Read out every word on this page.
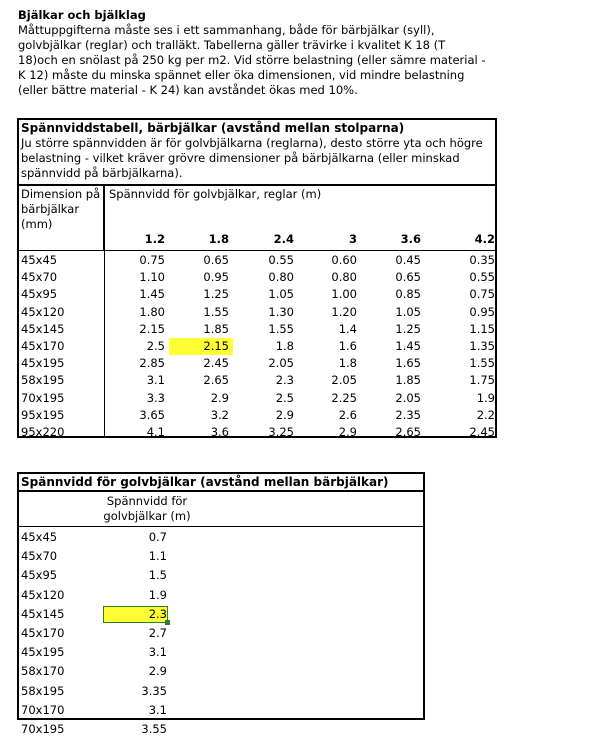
Bjälkar och bjälklag

Måttuppgifterna måste ses i ett sammanhang, både för bärbjälkar (syll),

golvbjälkar (reglar) och tralläkt. Tabellerna gäller trävirke i kvalitet K 18 (T

18)och en snölast på 250 kg per m2. Vid större belastning (eller sämre material -

K 12) måste du minska spännet eller öka dimensionen, vid mindre belastning

(eller bättre material - K 24) kan avståndet ökas med 10%.

Spännviddstabell, bärbjälkar (avstånd mellan stolparna)
Ju större spännvidden är för golvbjälkarna (reglarna), desto större yta och högre
belastning - vilket kräver grövre dimensioner på bärbjälkarna (eller minskad
spännvidd på bärbjälkarna).
Dimension på
bärbjälkar
(mm)
Spännvidd för golvbjälkar, reglar (m)
1.2	1.8	2.4	3	3.6	4.2
45x45	0.75	0.65	0.55	0.60	0.45	0.35
45x70	1.10	0.95	0.80	0.80	0.65	0.55
45x95	1.45	1.25	1.05	1.00	0.85	0.75
45x120	1.80	1.55	1.30	1.20	1.05	0.95
45x145	2.15	1.85	1.55	1.4	1.25	1.15
45x170	2.5	2.15	1.8	1.6	1.45	1.35
45x195	2.85	2.45	2.05	1.8	1.65	1.55
58x195	3.1	2.65	2.3	2.05	1.85	1.75
70x195	3.3	2.9	2.5	2.25	2.05	1.9
95x195	3.65	3.2	2.9	2.6	2.35	2.2
95x220	4.1	3.6	3.25	2.9	2.65	2.45
Spännvidd för golvbjälkar (avstånd mellan bärbjälkar)
Spännvidd för
golvbjälkar (m)
45x45	0.7
45x70	1.1
45x95	1.5
45x120	1.9
45x145	2.3
45x170	2.7
45x195	3.1
58x170	2.9
58x195	3.35
70x170	3.1
70x195	3.55
